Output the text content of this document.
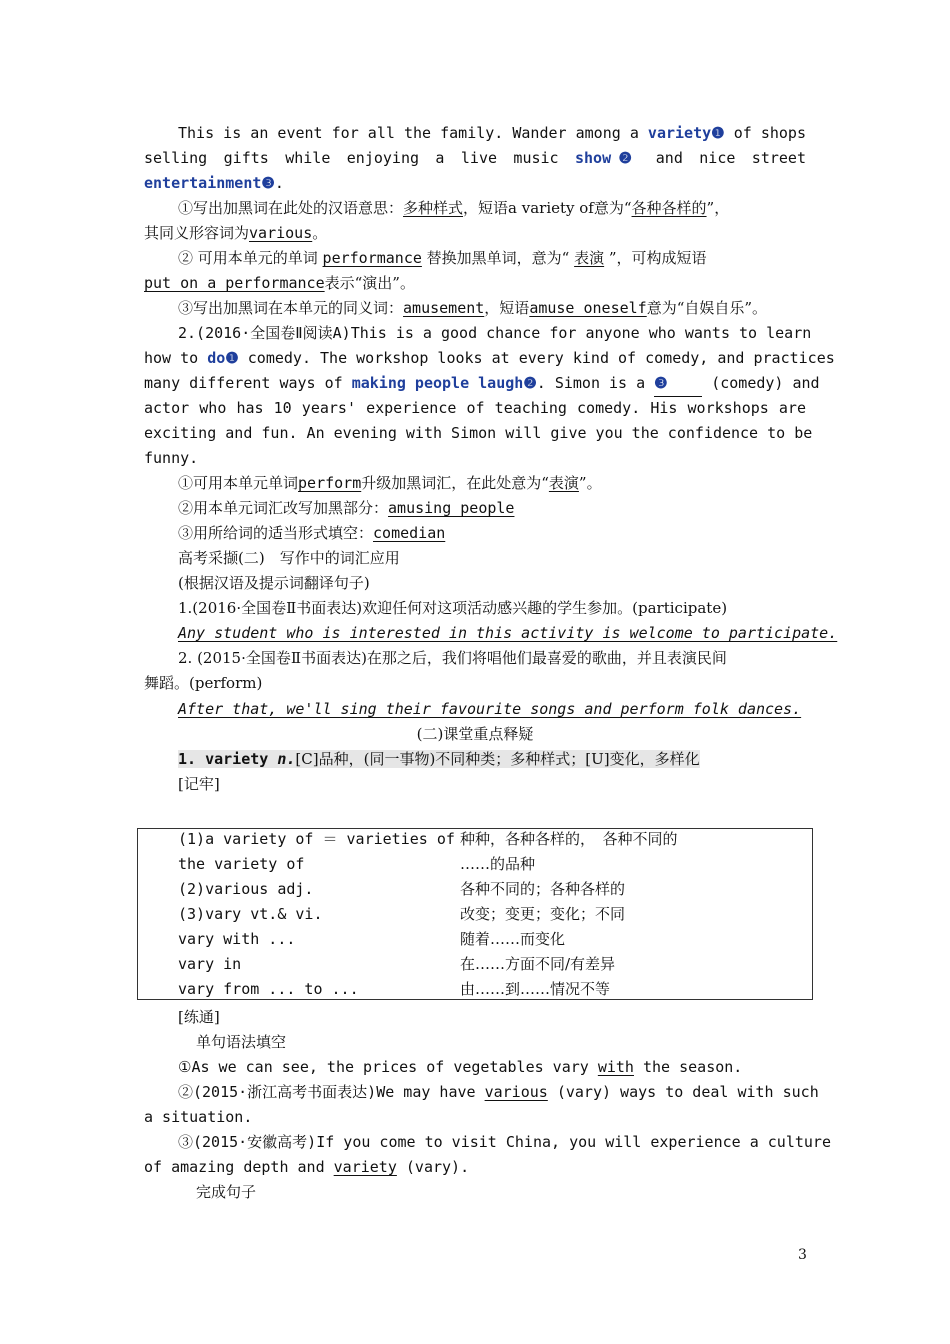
This is an event for all the family. Wander among a variety❶ of shops
selling gifts while enjoying a live music show❷ and nice street
entertainment❸.
①写出加黑词在此处的汉语意思：多种样式，短语a variety of意为“各种各样的”，
其同义形容词为various。
② 可用本单元的单词 performance 替换加黑单词，意为“ 表演 ”，可构成短语
put on a performance表示“演出”。
③写出加黑词在本单元的同义词：amusement，短语amuse oneself意为“自娱自乐”。
2.(2016·全国卷Ⅱ阅读A)This is a good chance for anyone who wants to learn
how to do❶ comedy. The workshop looks at every kind of comedy, and practices
many different ways of making people laugh❷. Simon is a ❸ (comedy) and
actor who has 10 years' experience of teaching comedy. His workshops are
exciting and fun. An evening with Simon will give you the confidence to be
funny.
①可用本单元单词perform升级加黑词汇，在此处意为“表演”。
②用本单元词汇改写加黑部分：amusing people
③用所给词的适当形式填空：comedian
高考采撷(二)　写作中的词汇应用
(根据汉语及提示词翻译句子)
1.(2016·全国卷Ⅱ书面表达)欢迎任何对这项活动感兴趣的学生参加。(participate)
Any student who is interested in this activity is welcome to participate.
2. (2015·全国卷Ⅱ书面表达)在那之后，我们将唱他们最喜爱的歌曲，并且表演民间
舞蹈。(perform)
After that, we'll sing their favourite songs and perform folk dances.
(二)课堂重点释疑
1. variety n.[C]品种，(同一事物)不同种类；多种样式；[U]变化，多样化
[记牢]
(1)a variety of ＝ varieties of 种种，各种各样的，　各种不同的
the variety of	……的品种
(2)various adj.	各种不同的；各种各样的
(3)vary vt.& vi.	改变；变更；变化；不同
vary with ...	随着……而变化
vary in	在……方面不同/有差异
vary from ... to ...	由……到……情况不等
[练通]
单句语法填空
①As we can see, the prices of vegetables vary with the season.
②(2015·浙江高考书面表达)We may have various (vary) ways to deal with such
a situation.
③(2015·安徽高考)If you come to visit China, you will experience a culture
of amazing depth and variety (vary).
完成句子
3
